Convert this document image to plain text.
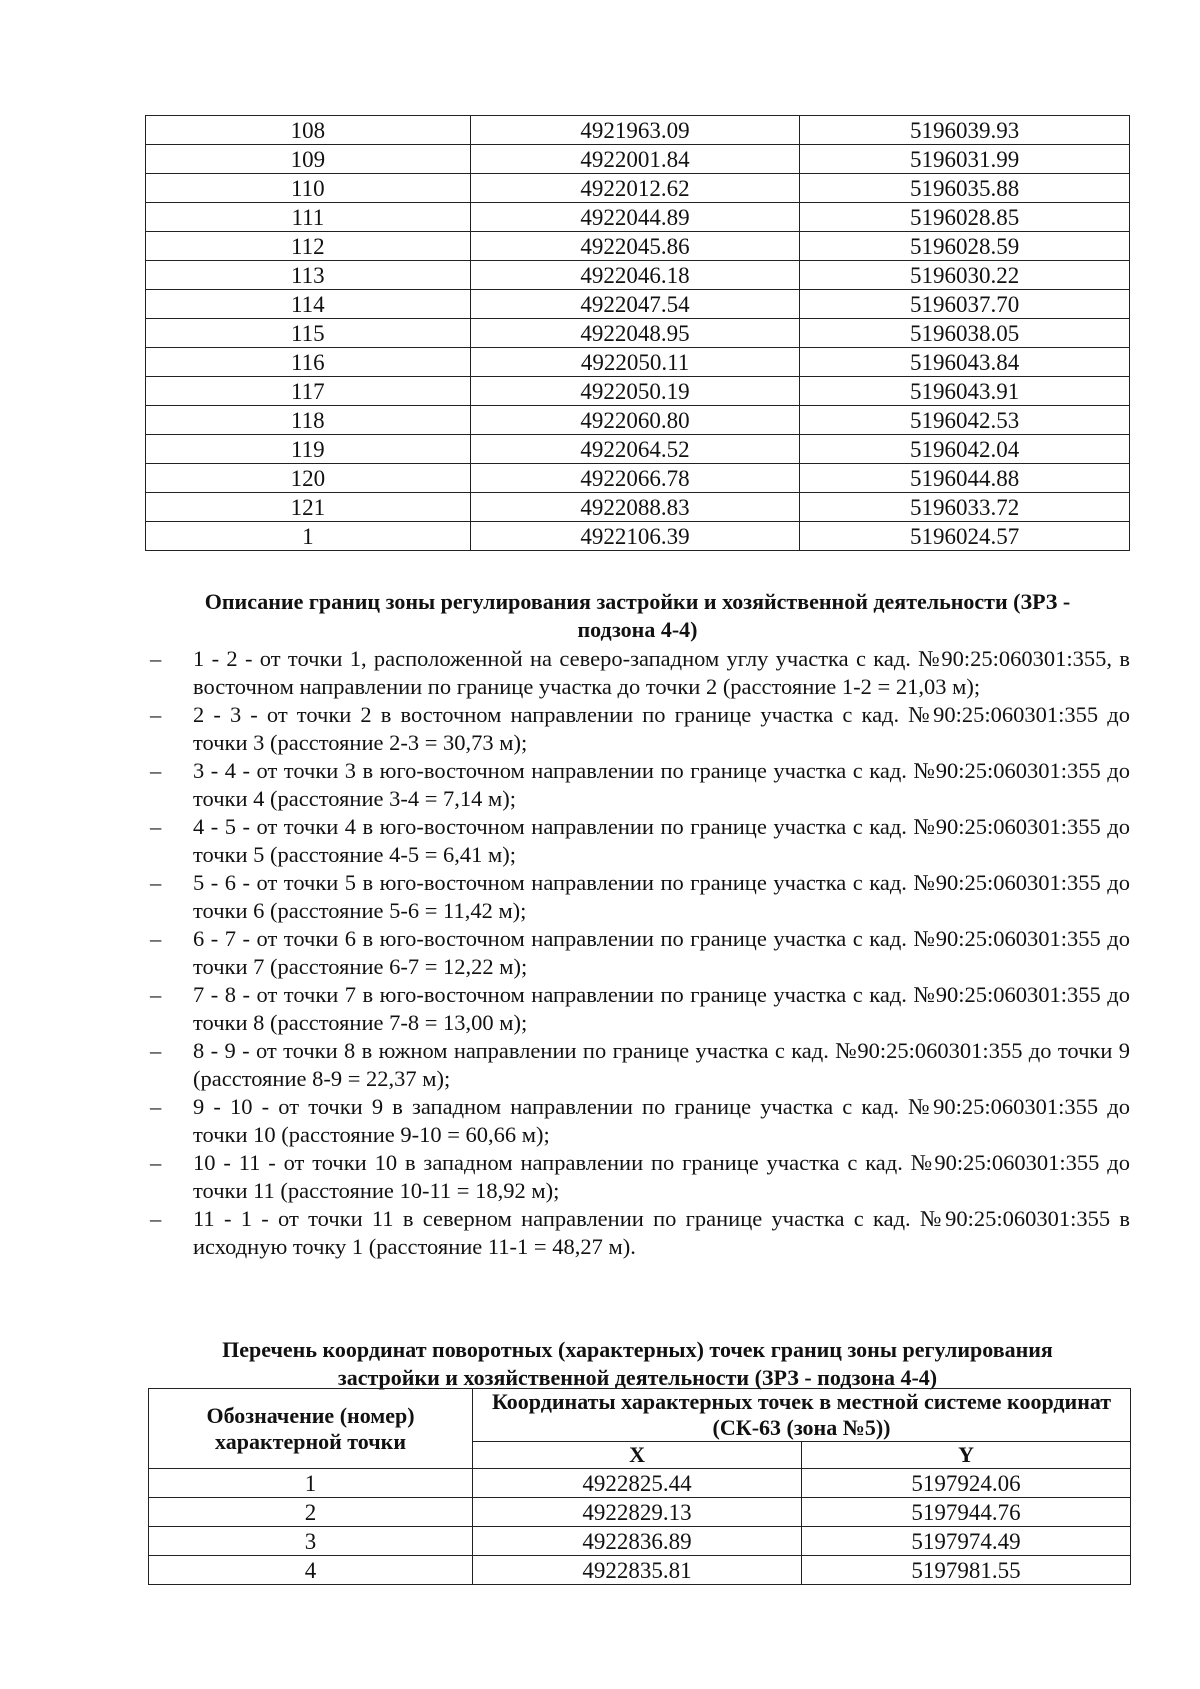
108	4921963.09	5196039.93
109	4922001.84	5196031.99
110	4922012.62	5196035.88
111	4922044.89	5196028.85
112	4922045.86	5196028.59
113	4922046.18	5196030.22
114	4922047.54	5196037.70
115	4922048.95	5196038.05
116	4922050.11	5196043.84
117	4922050.19	5196043.91
118	4922060.80	5196042.53
119	4922064.52	5196042.04
120	4922066.78	5196044.88
121	4922088.83	5196033.72
1	4922106.39	5196024.57
Описание границ зоны регулирования застройки и хозяйственной деятельности (ЗРЗ -
подзона 4-4)
– 1 - 2 - от точки 1, расположенной на северо-западном углу участка с кад. №90:25:060301:355, в восточном направлении по границе участка до точки 2 (расстояние 1-2 = 21,03 м);
– 2 - 3 - от точки 2 в восточном направлении по границе участка с кад. №90:25:060301:355 до точки 3 (расстояние 2-3 = 30,73 м);
– 3 - 4 - от точки 3 в юго-восточном направлении по границе участка с кад. №90:25:060301:355 до точки 4 (расстояние 3-4 = 7,14 м);
– 4 - 5 - от точки 4 в юго-восточном направлении по границе участка с кад. №90:25:060301:355 до точки 5 (расстояние 4-5 = 6,41 м);
– 5 - 6 - от точки 5 в юго-восточном направлении по границе участка с кад. №90:25:060301:355 до точки 6 (расстояние 5-6 = 11,42 м);
– 6 - 7 - от точки 6 в юго-восточном направлении по границе участка с кад. №90:25:060301:355 до точки 7 (расстояние 6-7 = 12,22 м);
– 7 - 8 - от точки 7 в юго-восточном направлении по границе участка с кад. №90:25:060301:355 до точки 8 (расстояние 7-8 = 13,00 м);
– 8 - 9 - от точки 8 в южном направлении по границе участка с кад. №90:25:060301:355 до точки 9 (расстояние 8-9 = 22,37 м);
– 9 - 10 - от точки 9 в западном направлении по границе участка с кад. №90:25:060301:355 до точки 10 (расстояние 9-10 = 60,66 м);
– 10 - 11 - от точки 10 в западном направлении по границе участка с кад. №90:25:060301:355 до точки 11 (расстояние 10-11 = 18,92 м);
– 11 - 1 - от точки 11 в северном направлении по границе участка с кад. №90:25:060301:355 в исходную точку 1 (расстояние 11-1 = 48,27 м).
Перечень координат поворотных (характерных) точек границ зоны регулирования
застройки и хозяйственной деятельности (ЗРЗ - подзона 4-4)
Обозначение (номер) характерной точки	Координаты характерных точек в местной системе координат (СК-63 (зона №5))	
	X	Y
1	4922825.44	5197924.06
2	4922829.13	5197944.76
3	4922836.89	5197974.49
4	4922835.81	5197981.55
